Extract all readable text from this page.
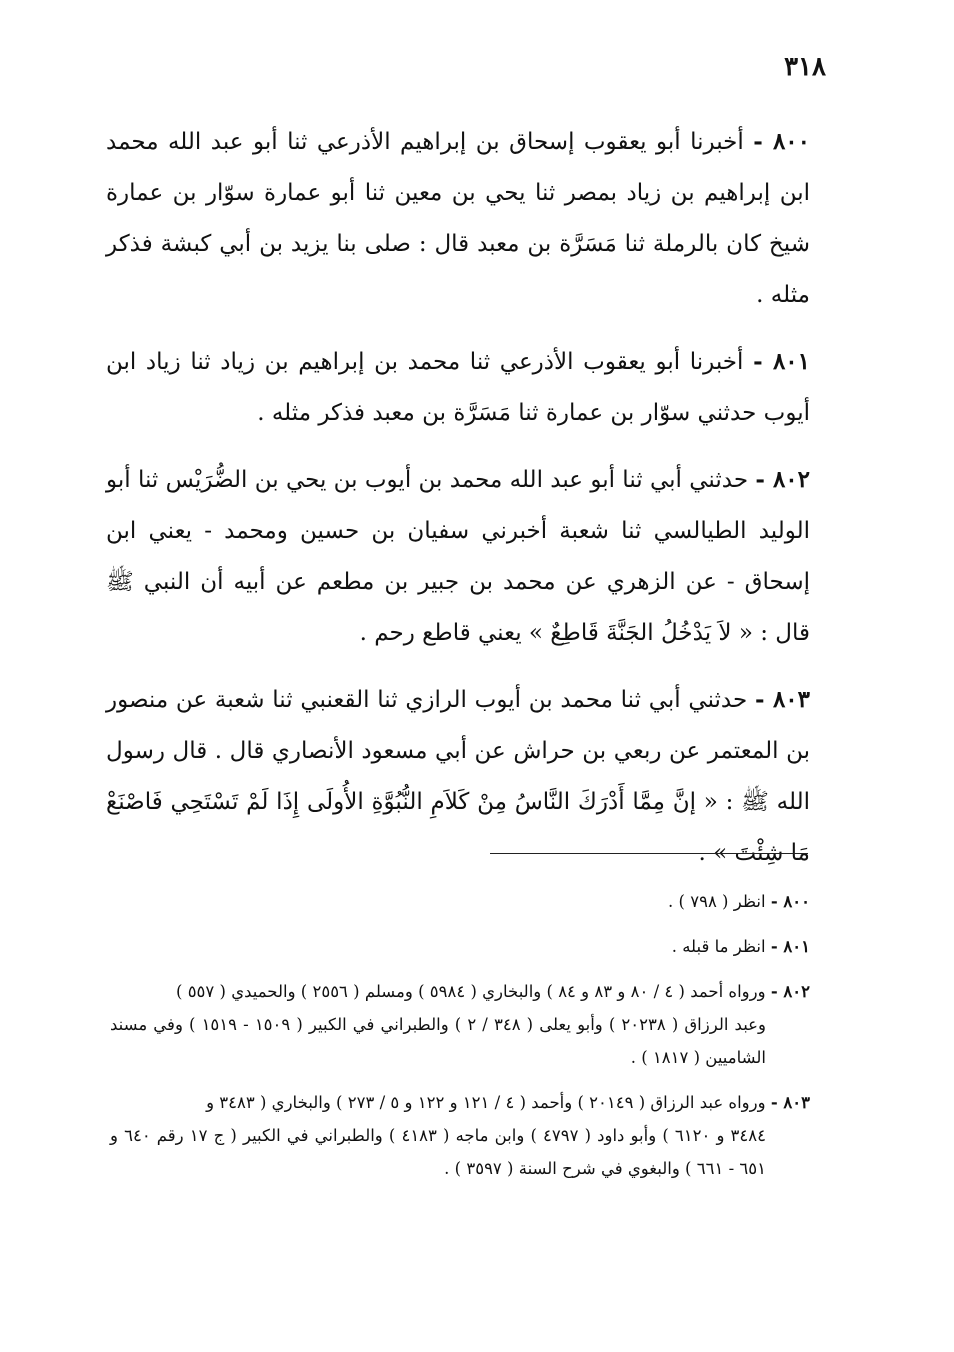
٣١٨

٨٠٠ - أخبرنا أبو يعقوب إسحاق بن إبراهيم الأذرعي ثنا أبو عبد الله محمد ابن إبراهيم بن زياد بمصر ثنا يحي بن معين ثنا أبو عمارة سوّار بن عمارة شيخ كان بالرملة ثنا مَسَرَّة بن معبد قال : صلى بنا يزيد بن أبي كبشة فذكر مثله .

٨٠١ - أخبرنا أبو يعقوب الأذرعي ثنا محمد بن إبراهيم بن زياد ثنا زياد ابن أيوب حدثني سوّار بن عمارة ثنا مَسَرَّة بن معبد فذكر مثله .

٨٠٢ - حدثني أبي ثنا أبو عبد الله محمد بن أيوب بن يحي بن الضُّرَيْس ثنا أبو الوليد الطيالسي ثنا شعبة أخبرني سفيان بن حسين ومحمد - يعني ابن إسحاق - عن الزهري عن محمد بن جبير بن مطعم عن أبيه أن النبي ﷺ قال : « لاَ يَدْخُلُ الجَنَّةَ قَاطِعٌ » يعني قاطع رحم .

٨٠٣ - حدثني أبي ثنا محمد بن أيوب الرازي ثنا القعنبي ثنا شعبة عن منصور بن المعتمر عن ربعي بن حراش عن أبي مسعود الأنصاري قال . قال رسول الله ﷺ : « إنَّ مِمَّا أَدْرَكَ النَّاسُ مِنْ كَلاَمِ النُّبُوَّةِ الأُولَى إِذَا لَمْ تَسْتَحِي فَاصْنَعْ مَا شِئْتَ » .

٨٠٠ - انظر ( ٧٩٨ ) .
٨٠١ - انظر ما قبله .
٨٠٢ - ورواه أحمد ( ٤ / ٨٠ و ٨٣ و ٨٤ ) والبخاري ( ٥٩٨٤ ) ومسلم ( ٢٥٥٦ ) والحميدي ( ٥٥٧ )
وعبد الرزاق ( ٢٠٢٣٨ ) وأبو يعلى ( ٣٤٨ / ٢ ) والطبراني في الكبير ( ١٥٠٩ - ١٥١٩ ) وفي مسند الشاميين ( ١٨١٧ ) .
٨٠٣ - ورواه عبد الرزاق ( ٢٠١٤٩ ) وأحمد ( ٤ / ١٢١ و ١٢٢ و ٥ / ٢٧٣ ) والبخاري ( ٣٤٨٣ و
٣٤٨٤ و ٦١٢٠ ) وأبو داود ( ٤٧٩٧ ) وابن ماجه ( ٤١٨٣ ) والطبراني في الكبير ( ج ١٧ رقم ٦٤٠ و ٦٥١ - ٦٦١ ) والبغوي في شرح السنة ( ٣٥٩٧ ) .
